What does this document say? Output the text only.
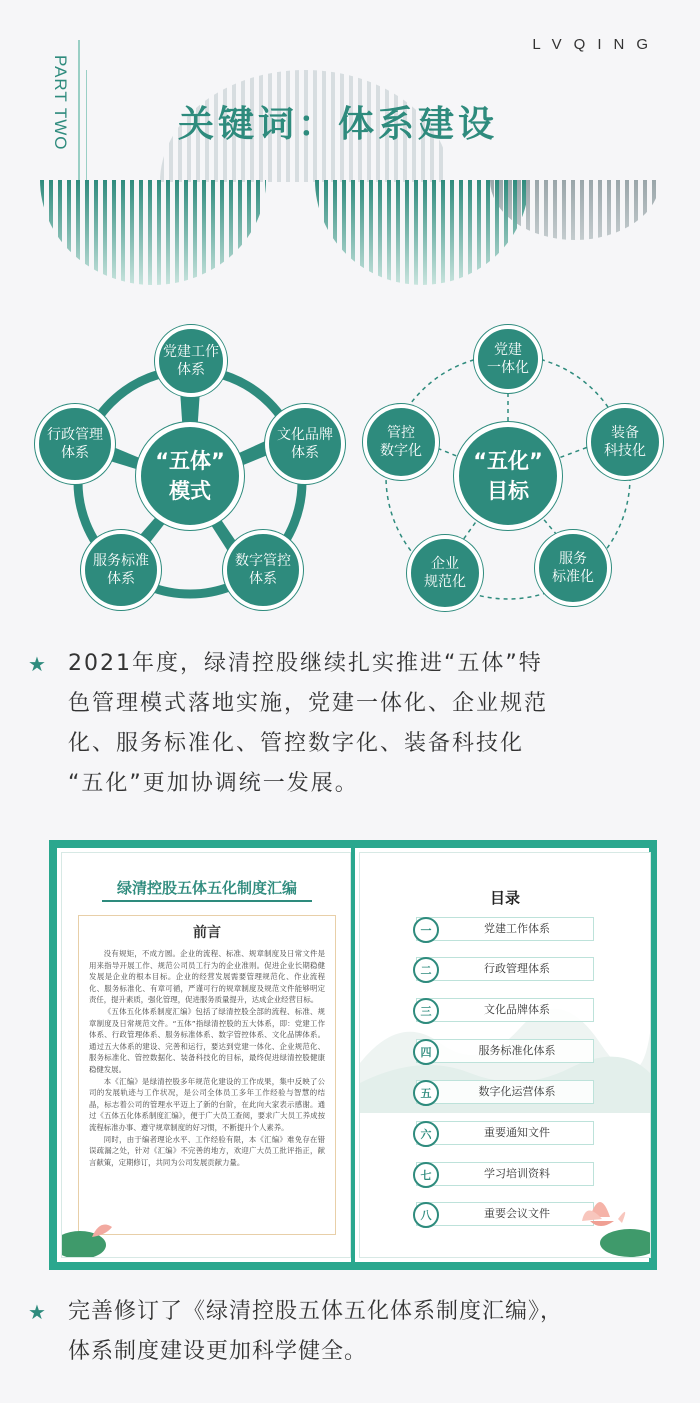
PART TWO
LVQING
关键词：体系建设
党建工作
体系
文化品牌
体系
数字管控
体系
服务标准
体系
行政管理
体系	“五体”
模式
党建
一体化
装备
科技化
服务
标准化
企业
规范化
管控
数字化	“五化”
目标
★ 2021年度，绿清控股继续扎实推进“五体”特
色管理模式落地实施，党建一体化、企业规范
化、服务标准化、管控数字化、装备科技化
“五化”更加协调统一发展。
绿清控股五体五化制度汇编
前言

没有规矩，不成方圆。企业的流程、标准、规章制度及日常文件是用来指导开展工作、规范公司员工行为的企业准则。促进企业长期稳健发展是企业的根本目标。企业的经营发展需要管理规范化、作业流程化、服务标准化、有章可循，严谨可行的规章制度及规范文件能够明定责任，提升素质，强化管理，促进服务质量提升，达成企业经营目标。

《五体五化体系制度汇编》包括了绿清控股全部的流程、标准、规章制度及日常规范文件。“五体”指绿清控股的五大体系，即：党建工作体系、行政管理体系、服务标准体系、数字管控体系、文化品牌体系。通过五大体系的建设、完善和运行，要达到党建一体化、企业规范化、服务标准化、管控数据化、装备科技化的目标，最终促进绿清控股健康稳健发展。

本《汇编》是绿清控股多年规范化建设的工作成果，集中反映了公司的发展轨迹与工作状况，是公司全体员工多年工作经验与智慧的结晶，标志着公司的管理水平迈上了新的台阶，在此向大家表示感谢。通过《五体五化体系制度汇编》，便于广大员工查阅，要求广大员工养成按流程标准办事、遵守规章制度的好习惯，不断提升个人素养。

同时，由于编者理论水平、工作经验有限，本《汇编》难免存在错误疏漏之处，针对《汇编》不完善的地方，欢迎广大员工批评指正，献言献策，定期修订，共同为公司发展贡献力量。

目录
一	党建工作体系
二	行政管理体系
三	文化品牌体系
四	服务标准化体系
五	数字化运营体系
六	重要通知文件
七	学习培训资料
八	重要会议文件
★ 完善修订了《绿清控股五体五化体系制度汇编》，
体系制度建设更加科学健全。
